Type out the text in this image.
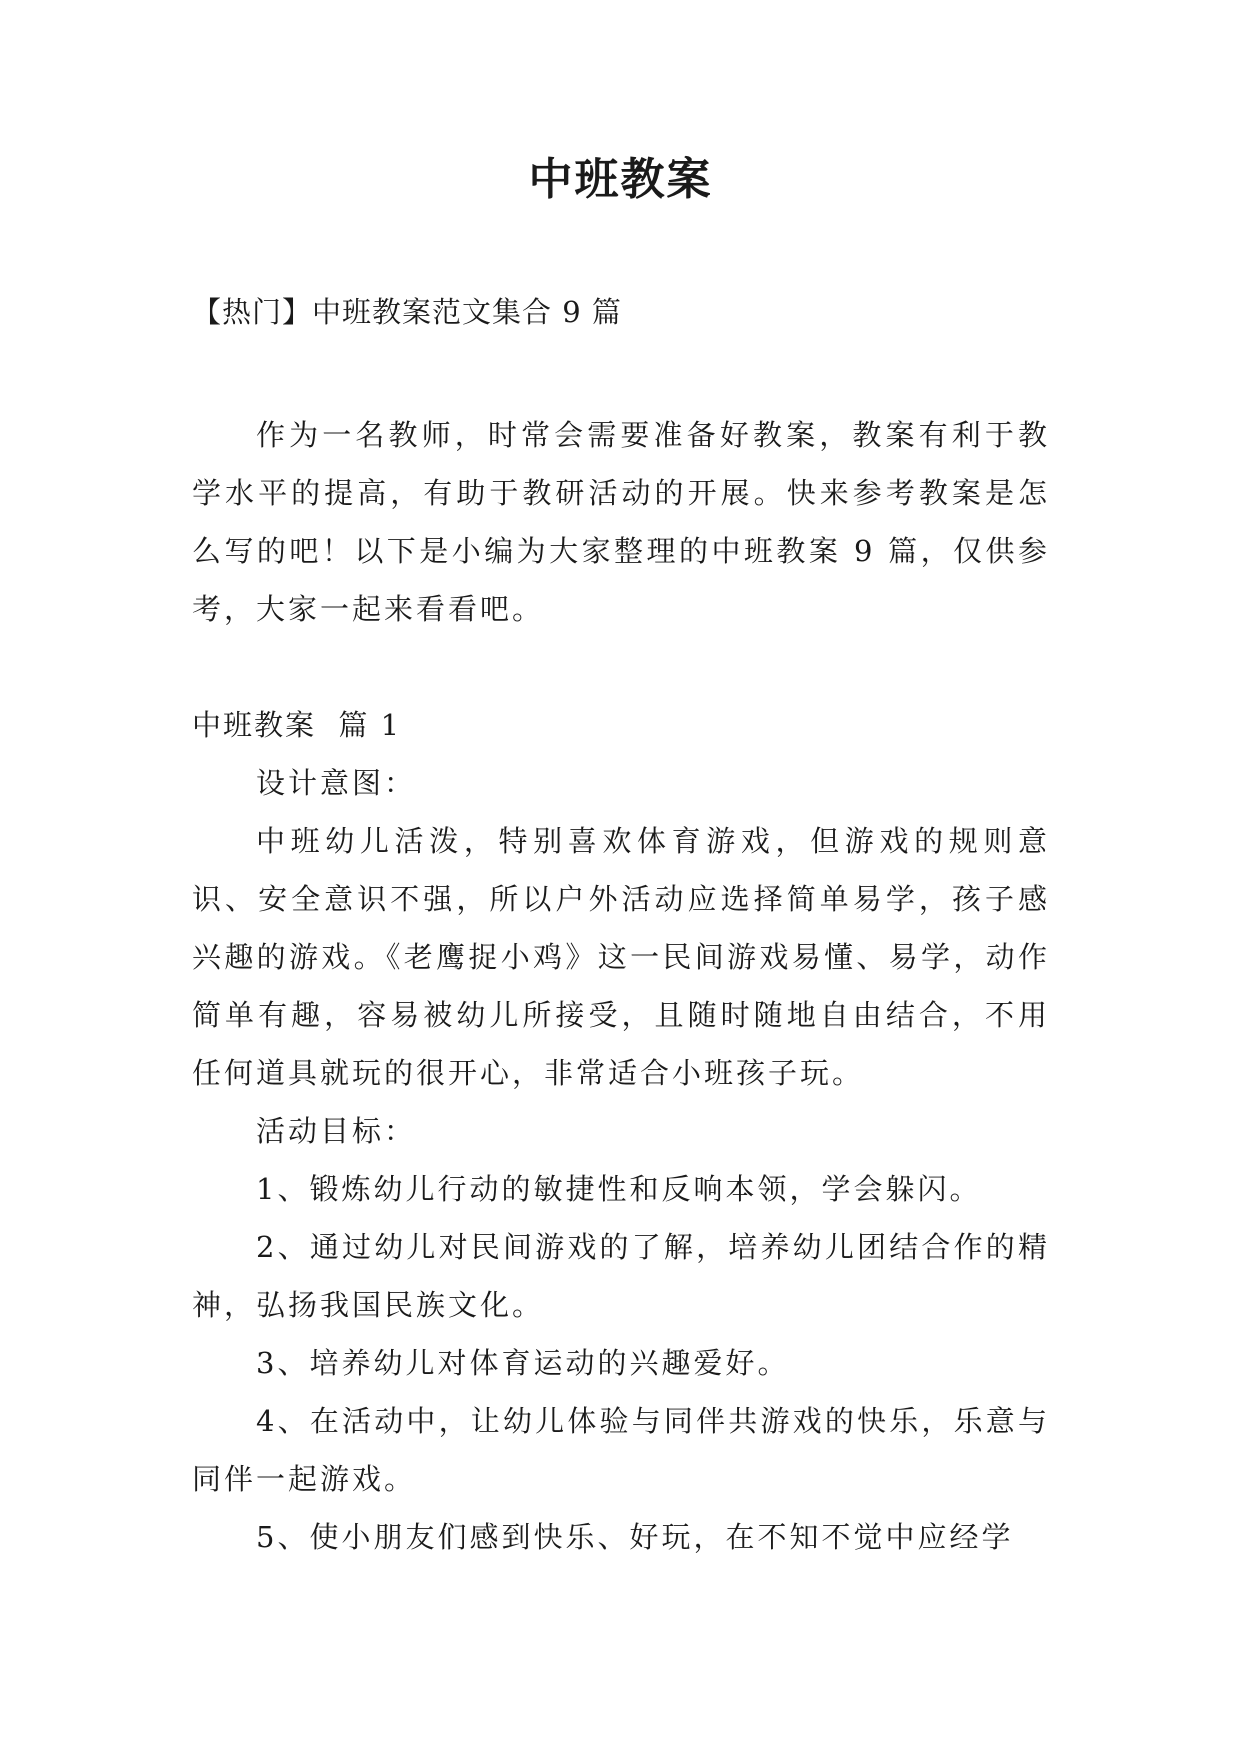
中班教案
【热门】中班教案范文集合 9 篇

作为一名教师，时常会需要准备好教案，教案有利于教学水平的提高，有助于教研活动的开展。快来参考教案是怎么写的吧！以下是小编为大家整理的中班教案 9 篇，仅供参考，大家一起来看看吧。

中班教案  篇 1

设计意图：

中班幼儿活泼，特别喜欢体育游戏，但游戏的规则意识、安全意识不强，所以户外活动应选择简单易学，孩子感兴趣的游戏。《老鹰捉小鸡》这一民间游戏易懂、易学，动作简单有趣，容易被幼儿所接受，且随时随地自由结合，不用任何道具就玩的很开心，非常适合小班孩子玩。

活动目标：

1、锻炼幼儿行动的敏捷性和反响本领，学会躲闪。

2、通过幼儿对民间游戏的了解，培养幼儿团结合作的精神，弘扬我国民族文化。

3、培养幼儿对体育运动的兴趣爱好。

4、在活动中，让幼儿体验与同伴共游戏的快乐，乐意与同伴一起游戏。

5、使小朋友们感到快乐、好玩，在不知不觉中应经学
